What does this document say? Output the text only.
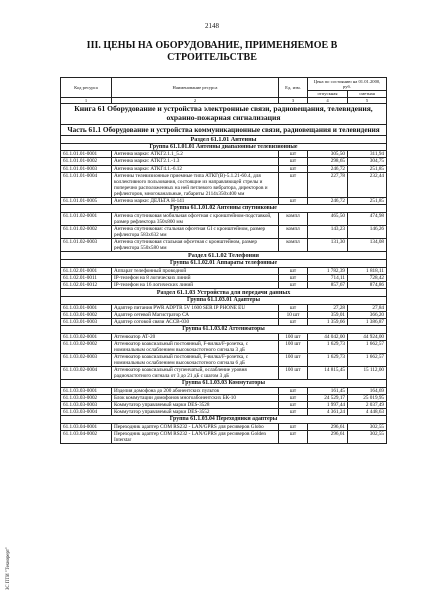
2148
III. ЦЕНЫ НА ОБОРУДОВАНИЕ, ПРИМЕНЯЕМОЕ В
СТРОИТЕЛЬСТВЕ
Код ресурса	Наименование ресурса	Ед. изм.	Цена по состоянию на 01.01.2000, руб.	
			отпускная	сметная
1	2	3	4	5
Книга 61 Оборудование и устройства электронные связи, радиовещания, телевидения, охранно-пожарная сигнализация				
Часть 61.1 Оборудование и устройства коммуникационные связи, радиовещания и телевидения				
Раздел 61.1.01 Антенны				
Группа 61.1.01.01 Антенны диапазонные телевизионные				
61.1.01.01-0001	Антенна марки: АТКГ2.1.1_5.2	шт	305,50	311,94
61.1.01.01-0002	Антенна марки: АТКГ2.1.-1.3	шт	298,65	304,75
61.1.01.01-0003	Антенна марки: АТКГ4.1.-6.12	шт	246,72	251,85
61.1.01.01-0004	Антенны телевизионные приемные типа АТКГ(В)-5.1.21-60.4, для коллективного пользования, состоящие из направляющей стрелы и поперечно расположенных на ней петлевого вибратора, директоров и рефлекторов, многоканальные, габариты 2114х350х400 мм	шт	227,78	232,44
61.1.01.01-0005	Антенна марки: ДЕЛЬТА Н-141	шт	246,72	251,85
Группа 61.1.01.02 Антенны спутниковые				
61.1.01.02-0001	Антенна спутниковая мобильная офсетная с кронштейном-подставкой, размер рефлектора 350х800 мм	компл	465,50	474,98
61.1.01.02-0002	Антенна спутниковая: стальная офсетная GI с кронштейном, размер рефлектора 583х632 мм	компл	143,23	146,26
61.1.01.02-0003	Антенна спутниковая стальная офсетная с кронштейном, размер рефлектора 550х580 мм	компл	131,30	134,08
Раздел 61.1.02 Телефония				
Группа 61.1.02.01 Аппараты телефонные				
61.1.02.01-0001	Аппарат телефонный проводной	шт	1 782,39	1 818,11
61.1.02.01-0011	IP-телефон на 8 логических линий	шт	714,11	728,42
61.1.02.01-0012	IP-телефон на 16 логических линий	шт	857,67	874,86
Раздел 61.1.03 Устройства для передачи данных				
Группа 61.1.03.01 Адаптеры				
61.1.03.01-0001	Адаптер питания PWR ADPTR 5V 1600 SER IP PHONE EU	шт	27,28	27,84
61.1.03.01-0002	Адаптер сетевой Магистратор СА	10 шт	359,01	366,20
61.1.03.01-0003	Адаптер сотовой связи АССВ-030	шт	1 359,66	1 386,87
Группа 61.1.03.02 Аттенюаторы				
61.1.03.02-0001	Аттенюатор АТ-20	100 шт	44 042,00	44 924,00
61.1.03.02-0002	Аттенюатор коаксиальный постоянный, F-вилка/F-розетка, с номинальным ослаблением высокочастотного сигнала 3 дБ	100 шт	1 629,73	1 662,57
61.1.03.02-0003	Аттенюатор коаксиальный постоянный, F-вилка/F-розетка, с номинальным ослаблением высокочастотного сигнала 6 дБ	100 шт	1 629,73	1 662,57
61.1.03.02-0004	Аттенюатор коаксиальный ступенчатый, ослабление уровня радиочастотного сигнала от 3 до 21 дБ с шагом 3 дБ	100 шт	14 815,45	15 112,00
Группа 61.1.03.03 Коммутаторы				
61.1.03.03-0001	Изделия домофона до 200 абонентских пультов	шт	161,45	164,69
61.1.03.03-0002	Блок коммутации домофонов многоабонентских БК-10	шт	24 529,17	25 019,95
61.1.03.03-0003	Коммутатор управляемый марки DES-3528	шт	1 997,44	2 037,49
61.1.03.03-0004	Коммутатор управляемый марки DES-3552	шт	4 361,24	4 448,63
Группа 61.1.03.04 Переходники адаптеры				
61.1.03.04-0001	Переходник адаптер COM RS232 - LAN/GPRS для ресиверов Globo	шт	296,61	302,55
61.1.03.04-0002	Переходник адаптер COM RS232 - LAN/GPRS для ресиверов Golden Interstar	шт	296,61	302,55
ЗС ПТИ "Технорерт"
